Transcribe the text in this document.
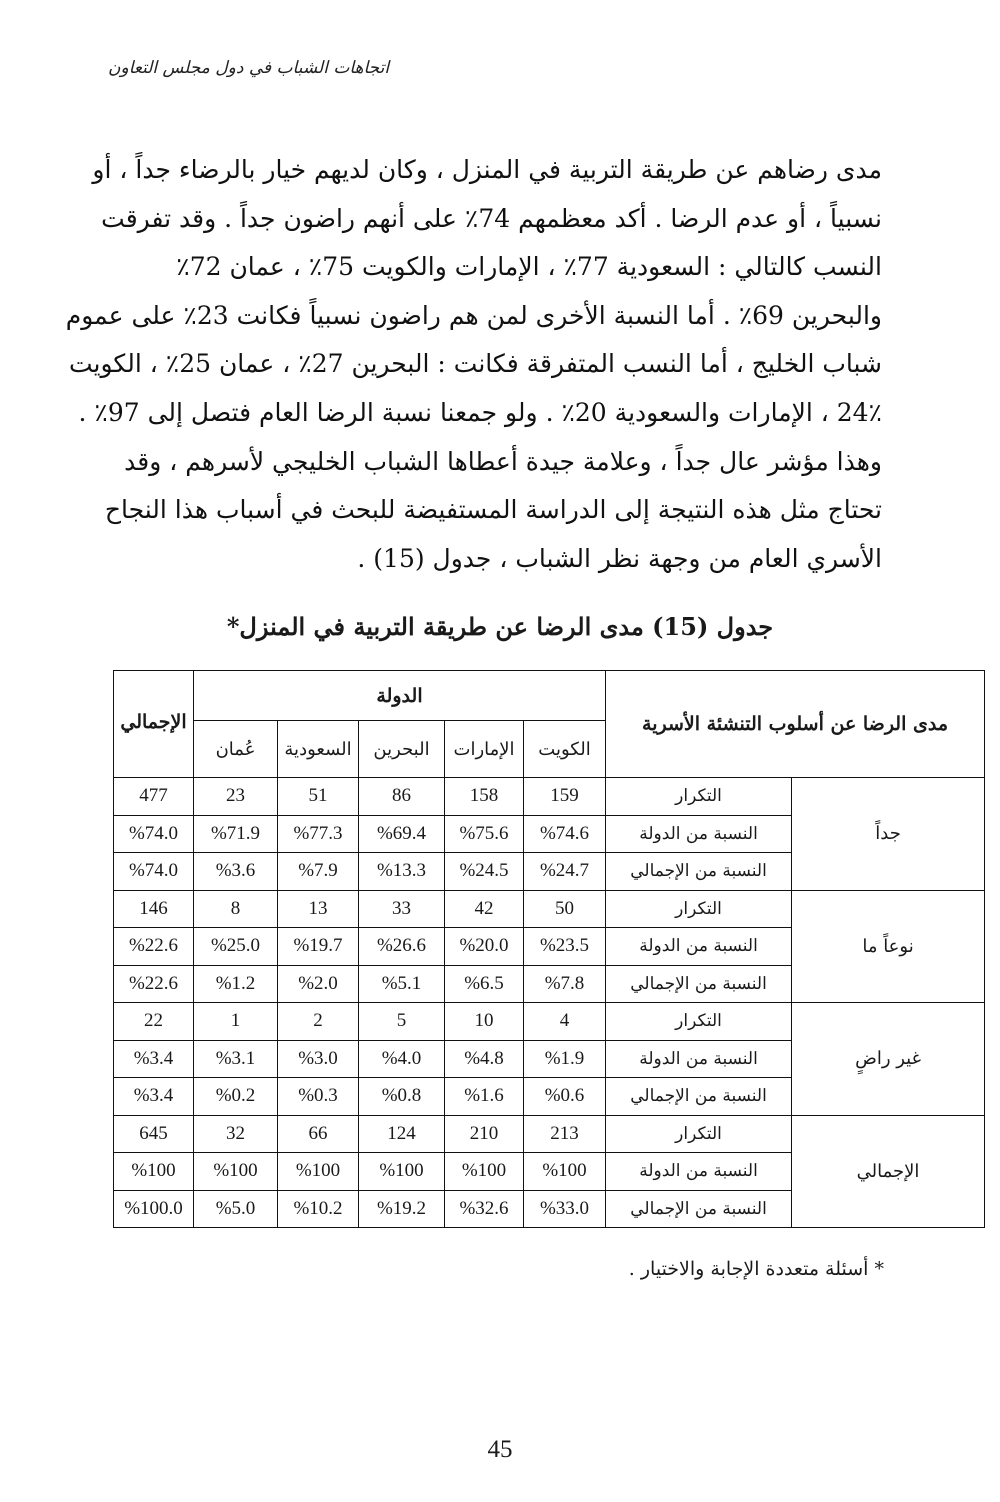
اتجاهات الشباب في دول مجلس التعاون
مدى رضاهم عن طريقة التربية في المنزل ، وكان لديهم خيار بالرضاء جداً ، أو
نسبياً ، أو عدم الرضا . أكد معظمهم 74٪ على أنهم راضون جداً . وقد تفرقت
النسب كالتالي : السعودية 77٪ ، الإمارات والكويت 75٪ ، عمان 72٪
والبحرين 69٪ . أما النسبة الأخرى لمن هم راضون نسبياً فكانت 23٪ على عموم
شباب الخليج ، أما النسب المتفرقة فكانت : البحرين 27٪ ، عمان 25٪ ، الكويت
24٪ ، الإمارات والسعودية 20٪ . ولو جمعنا نسبة الرضا العام فتصل إلى 97٪ .
وهذا مؤشر عال جداً ، وعلامة جيدة أعطاها الشباب الخليجي لأسرهم ، وقد
تحتاج مثل هذه النتيجة إلى الدراسة المستفيضة للبحث في أسباب هذا النجاح
الأسري العام من وجهة نظر الشباب ، جدول (15) .
جدول (15) مدى الرضا عن طريقة التربية في المنزل*
مدى الرضا عن أسلوب التنشئة الأسرية		الدولة					الإجمالي
		الكويت	الإمارات	البحرين	السعودية	عُمان	
جداً	التكرار	159	158	86	51	23	477
	النسبة من الدولة	%74.6	%75.6	%69.4	%77.3	%71.9	%74.0
	النسبة من الإجمالي	%24.7	%24.5	%13.3	%7.9	%3.6	%74.0
نوعاً ما	التكرار	50	42	33	13	8	146
	النسبة من الدولة	%23.5	%20.0	%26.6	%19.7	%25.0	%22.6
	النسبة من الإجمالي	%7.8	%6.5	%5.1	%2.0	%1.2	%22.6
غير راضٍ	التكرار	4	10	5	2	1	22
	النسبة من الدولة	%1.9	%4.8	%4.0	%3.0	%3.1	%3.4
	النسبة من الإجمالي	%0.6	%1.6	%0.8	%0.3	%0.2	%3.4
الإجمالي	التكرار	213	210	124	66	32	645
	النسبة من الدولة	%100	%100	%100	%100	%100	%100
	النسبة من الإجمالي	%33.0	%32.6	%19.2	%10.2	%5.0	%100.0
* أسئلة متعددة الإجابة والاختيار .
45
